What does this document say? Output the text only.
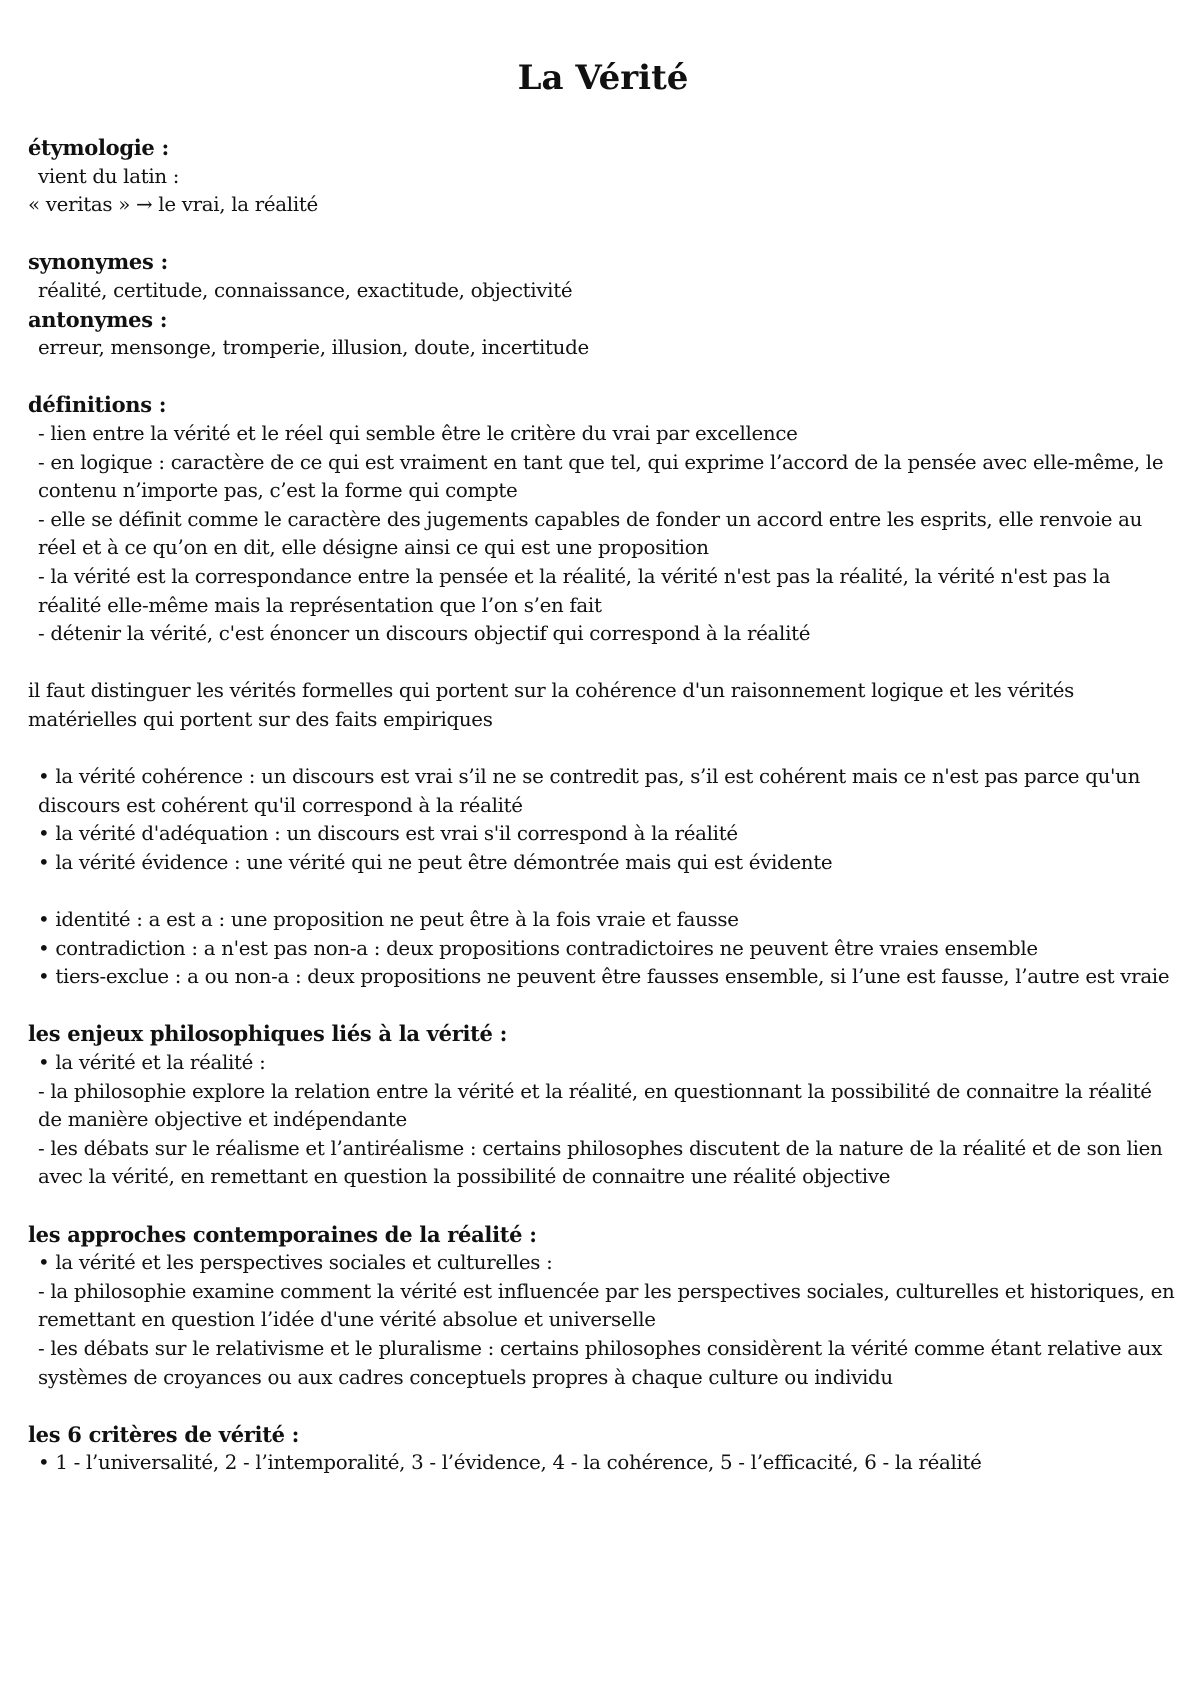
La Vérité

étymologie :

vient du latin :

« veritas » → le vrai, la réalité

synonymes :

réalité, certitude, connaissance, exactitude, objectivité

antonymes :

erreur, mensonge, tromperie, illusion, doute, incertitude

définitions :

- lien entre la vérité et le réel qui semble être le critère du vrai par excellence

- en logique : caractère de ce qui est vraiment en tant que tel, qui exprime l’accord de la pensée avec elle-même, le contenu n’importe pas, c’est la forme qui compte

- elle se définit comme le caractère des jugements capables de fonder un accord entre les esprits, elle renvoie au réel et à ce qu’on en dit, elle désigne ainsi ce qui est une proposition

- la vérité est la correspondance entre la pensée et la réalité, la vérité n'est pas la réalité, la vérité n'est pas la réalité elle-même mais la représentation que l’on s’en fait

- détenir la vérité, c'est énoncer un discours objectif qui correspond à la réalité

il faut distinguer les vérités formelles qui portent sur la cohérence d'un raisonnement logique et les vérités matérielles qui portent sur des faits empiriques

• la vérité cohérence : un discours est vrai s’il ne se contredit pas, s’il est cohérent mais ce n'est pas parce qu'un discours est cohérent qu'il correspond à la réalité

• la vérité d'adéquation : un discours est vrai s'il correspond à la réalité

• la vérité évidence : une vérité qui ne peut être démontrée mais qui est évidente

• identité : a est a : une proposition ne peut être à la fois vraie et fausse

• contradiction : a n'est pas non-a : deux propositions contradictoires ne peuvent être vraies ensemble

• tiers-exclue : a ou non-a : deux propositions ne peuvent être fausses ensemble, si l’une est fausse, l’autre est vraie

les enjeux philosophiques liés à la vérité :

• la vérité et la réalité :

- la philosophie explore la relation entre la vérité et la réalité, en questionnant la possibilité de connaitre la réalité de manière objective et indépendante

- les débats sur le réalisme et l’antiréalisme : certains philosophes discutent de la nature de la réalité et de son lien avec la vérité, en remettant en question la possibilité de connaitre une réalité objective

les approches contemporaines de la réalité :

• la vérité et les perspectives sociales et culturelles :

- la philosophie examine comment la vérité est influencée par les perspectives sociales, culturelles et historiques, en remettant en question l’idée d'une vérité absolue et universelle

- les débats sur le relativisme et le pluralisme : certains philosophes considèrent la vérité comme étant relative aux systèmes de croyances ou aux cadres conceptuels propres à chaque culture ou individu

les 6 critères de vérité :

• 1 - l’universalité, 2 - l’intemporalité, 3 - l’évidence, 4 - la cohérence, 5 - l’efficacité, 6 - la réalité
